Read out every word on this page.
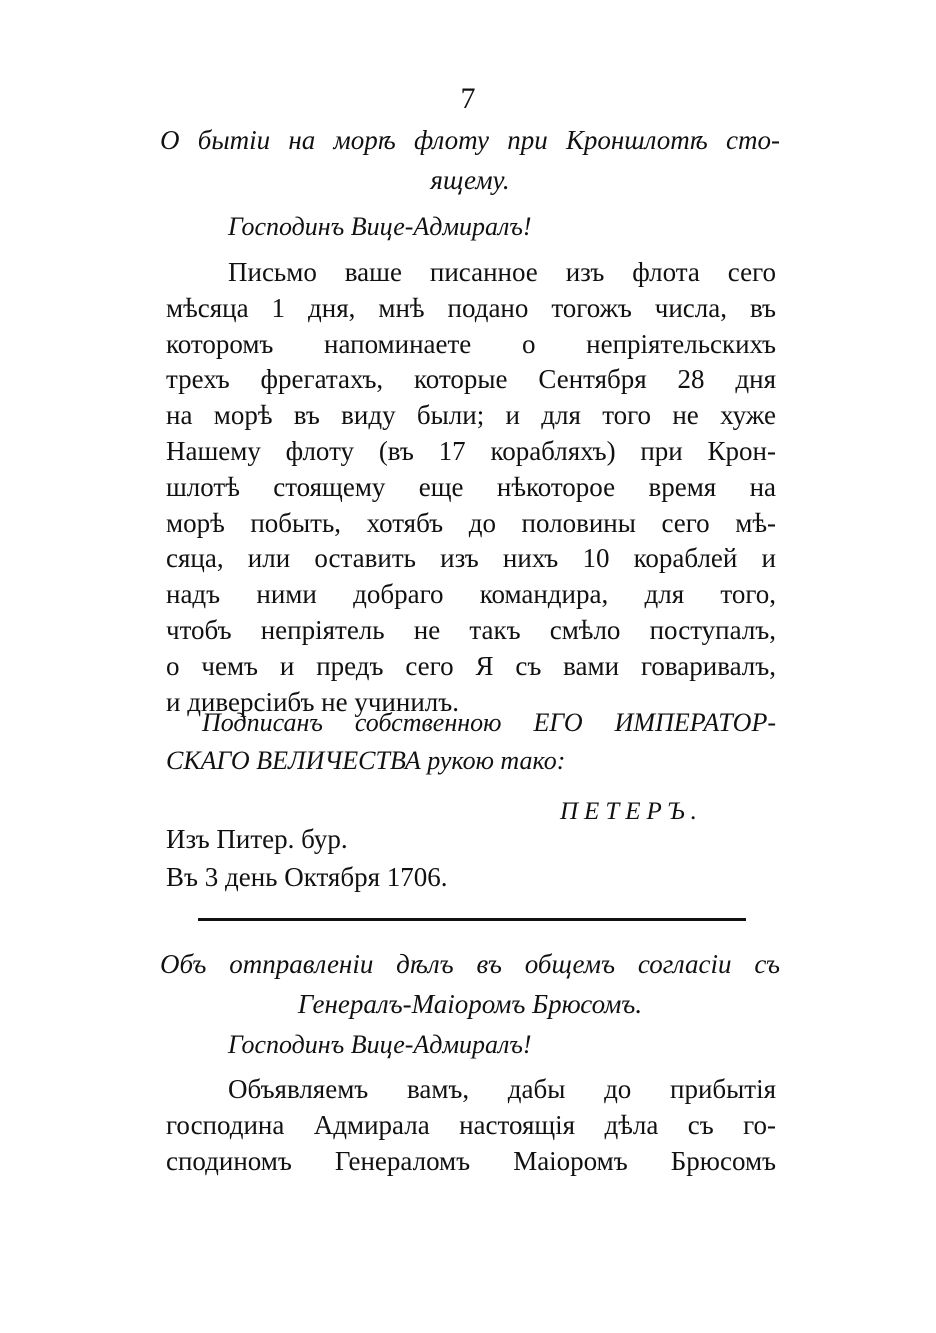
7
О бытіи на морѣ флоту при Кроншлотѣ сто-
ящему.
Господинъ Вице-Адмиралъ!
Письмо ваше писанное изъ флота сего
мѣсяца 1 дня, мнѣ подано тогожъ числа, въ
которомъ напоминаете о непріятельскихъ
трехъ фрегатахъ, которые Сентября 28 дня
на морѣ въ виду были; и для того не хуже
Нашему флоту (въ 17 корабляхъ) при Крон-
шлотѣ стоящему еще нѣкоторое время на
морѣ побыть, хотябъ до половины сего мѣ-
сяца, или оставить изъ нихъ 10 кораблей и
надъ ними добраго командира, для того,
чтобъ непріятель не такъ смѣло поступалъ,
о чемъ и предъ сего Я съ вами говаривалъ,
и диверсіибъ не учинилъ.
Подписанъ собственною ЕГО ИМПЕРАТОР-
СКАГО ВЕЛИЧЕСТВА рукою тако:
ПЕТЕРЪ.
Изъ Питер. бур.
Въ 3 день Октября 1706.
Объ отправленіи дѣлъ въ общемъ согласіи съ
Генералъ-Маіоромъ Брюсомъ.
Господинъ Вице-Адмиралъ!
Объявляемъ вамъ, дабы до прибытія
господина Адмирала настоящія дѣла съ го-
сподиномъ Генераломъ Маіоромъ Брюсомъ
